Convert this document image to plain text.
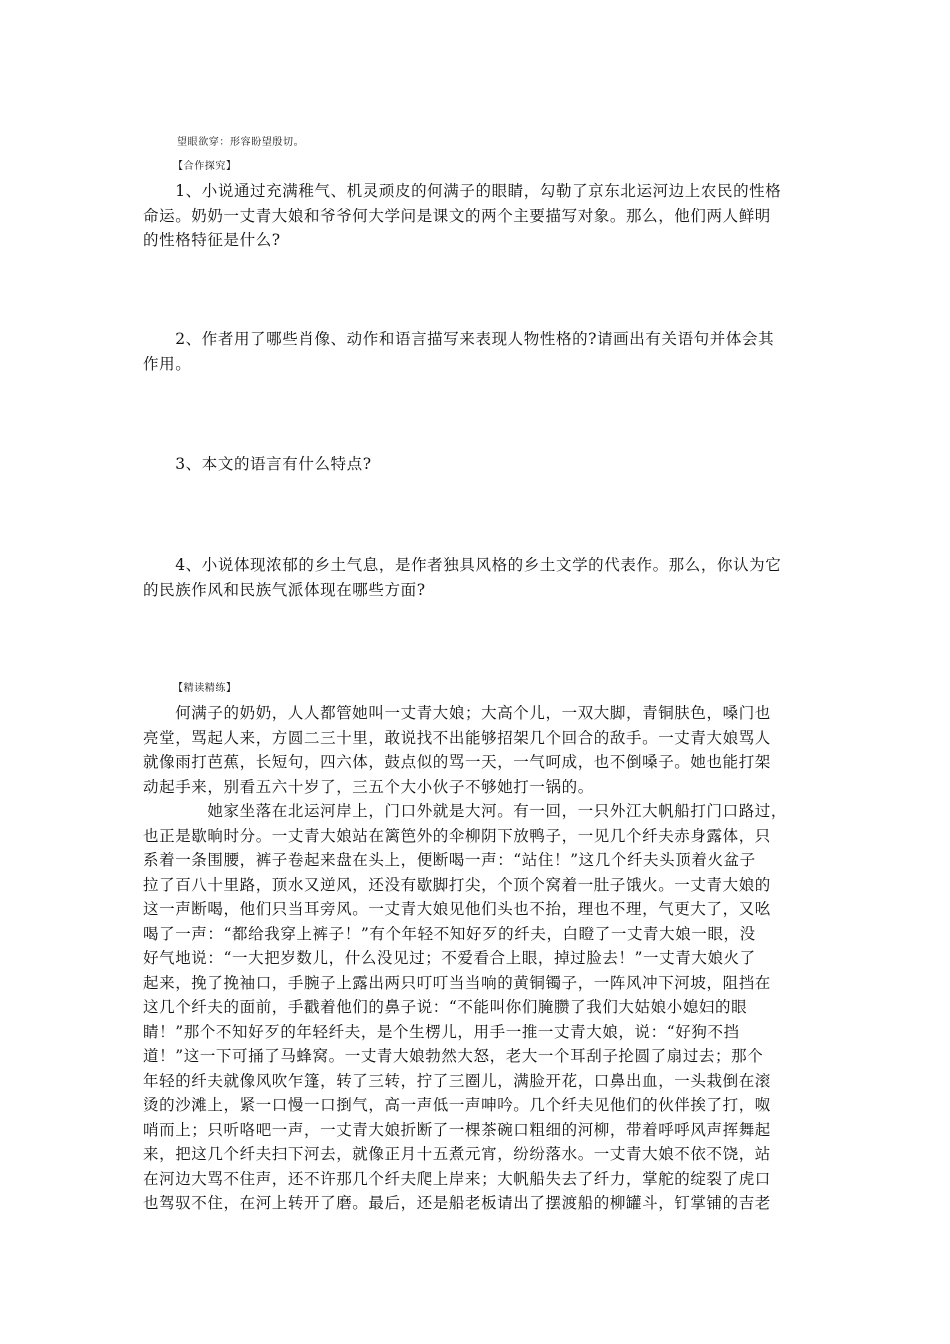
望眼欲穿：形容盼望殷切。

【合作探究】

　　1、小说通过充满稚气、机灵顽皮的何满子的眼睛，勾勒了京东北运河边上农民的性格
命运。奶奶一丈青大娘和爷爷何大学问是课文的两个主要描写对象。那么，他们两人鲜明
的性格特征是什么?

　　2、作者用了哪些肖像、动作和语言描写来表现人物性格的?请画出有关语句并体会其
作用。

　　3、本文的语言有什么特点?

　　4、小说体现浓郁的乡土气息，是作者独具风格的乡土文学的代表作。那么，你认为它
的民族作风和民族气派体现在哪些方面?

【精读精练】

　　何满子的奶奶，人人都管她叫一丈青大娘；大高个儿，一双大脚，青铜肤色，嗓门也
亮堂，骂起人来，方圆二三十里，敢说找不出能够招架几个回合的敌手。一丈青大娘骂人
就像雨打芭蕉，长短句，四六体，鼓点似的骂一天，一气呵成，也不倒嗓子。她也能打架
动起手来，别看五六十岁了，三五个大小伙子不够她打一锅的。

　　　　她家坐落在北运河岸上，门口外就是大河。有一回，一只外江大帆船打门口路过，
也正是歇晌时分。一丈青大娘站在篱笆外的伞柳阴下放鸭子，一见几个纤夫赤身露体，只
系着一条围腰，裤子卷起来盘在头上，便断喝一声：“站住！”这几个纤夫头顶着火盆子
拉了百八十里路，顶水又逆风，还没有歇脚打尖，个顶个窝着一肚子饿火。一丈青大娘的
这一声断喝，他们只当耳旁风。一丈青大娘见他们头也不抬，理也不理，气更大了，又吆
喝了一声：“都给我穿上裤子！”有个年轻不知好歹的纤夫，白瞪了一丈青大娘一眼，没
好气地说：“一大把岁数儿，什么没见过；不爱看合上眼，掉过脸去！”一丈青大娘火了
起来，挽了挽袖口，手腕子上露出两只叮叮当当响的黄铜镯子，一阵风冲下河坡，阻挡在
这几个纤夫的面前，手戳着他们的鼻子说：“不能叫你们腌臜了我们大姑娘小媳妇的眼
睛！”那个不知好歹的年轻纤夫，是个生楞儿，用手一推一丈青大娘，说：“好狗不挡
道！”这一下可捅了马蜂窝。一丈青大娘勃然大怒，老大一个耳刮子抡圆了扇过去；那个
年轻的纤夫就像风吹乍篷，转了三转，拧了三圈儿，满脸开花，口鼻出血，一头栽倒在滚
烫的沙滩上，紧一口慢一口捯气，高一声低一声呻吟。几个纤夫见他们的伙伴挨了打，呶
哨而上；只听咯吧一声，一丈青大娘折断了一棵茶碗口粗细的河柳，带着呼呼风声挥舞起
来，把这几个纤夫扫下河去，就像正月十五煮元宵，纷纷落水。一丈青大娘不依不饶，站
在河边大骂不住声，还不许那几个纤夫爬上岸来；大帆船失去了纤力，掌舵的绽裂了虎口
也驾驭不住，在河上转开了磨。最后，还是船老板请出了摆渡船的柳罐斗，钉掌铺的吉老
